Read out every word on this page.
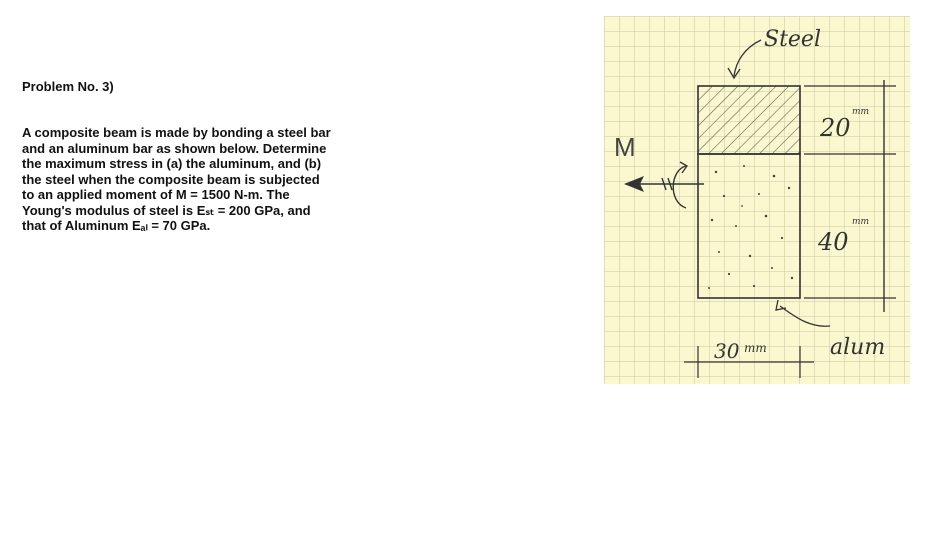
Problem No. 3)
A composite beam is made by bonding a steel bar
and an aluminum bar as shown below. Determine
the maximum stress in (a) the aluminum, and (b)
the steel when the composite beam is subjected
to an applied moment of M = 1500 N-m. The
Young's modulus of steel is Eₛₜ = 200 GPa, and
that of Aluminum Eₐₗ = 70 GPa.
Steel
M
20
mm
40
mm
alum
30 mm
